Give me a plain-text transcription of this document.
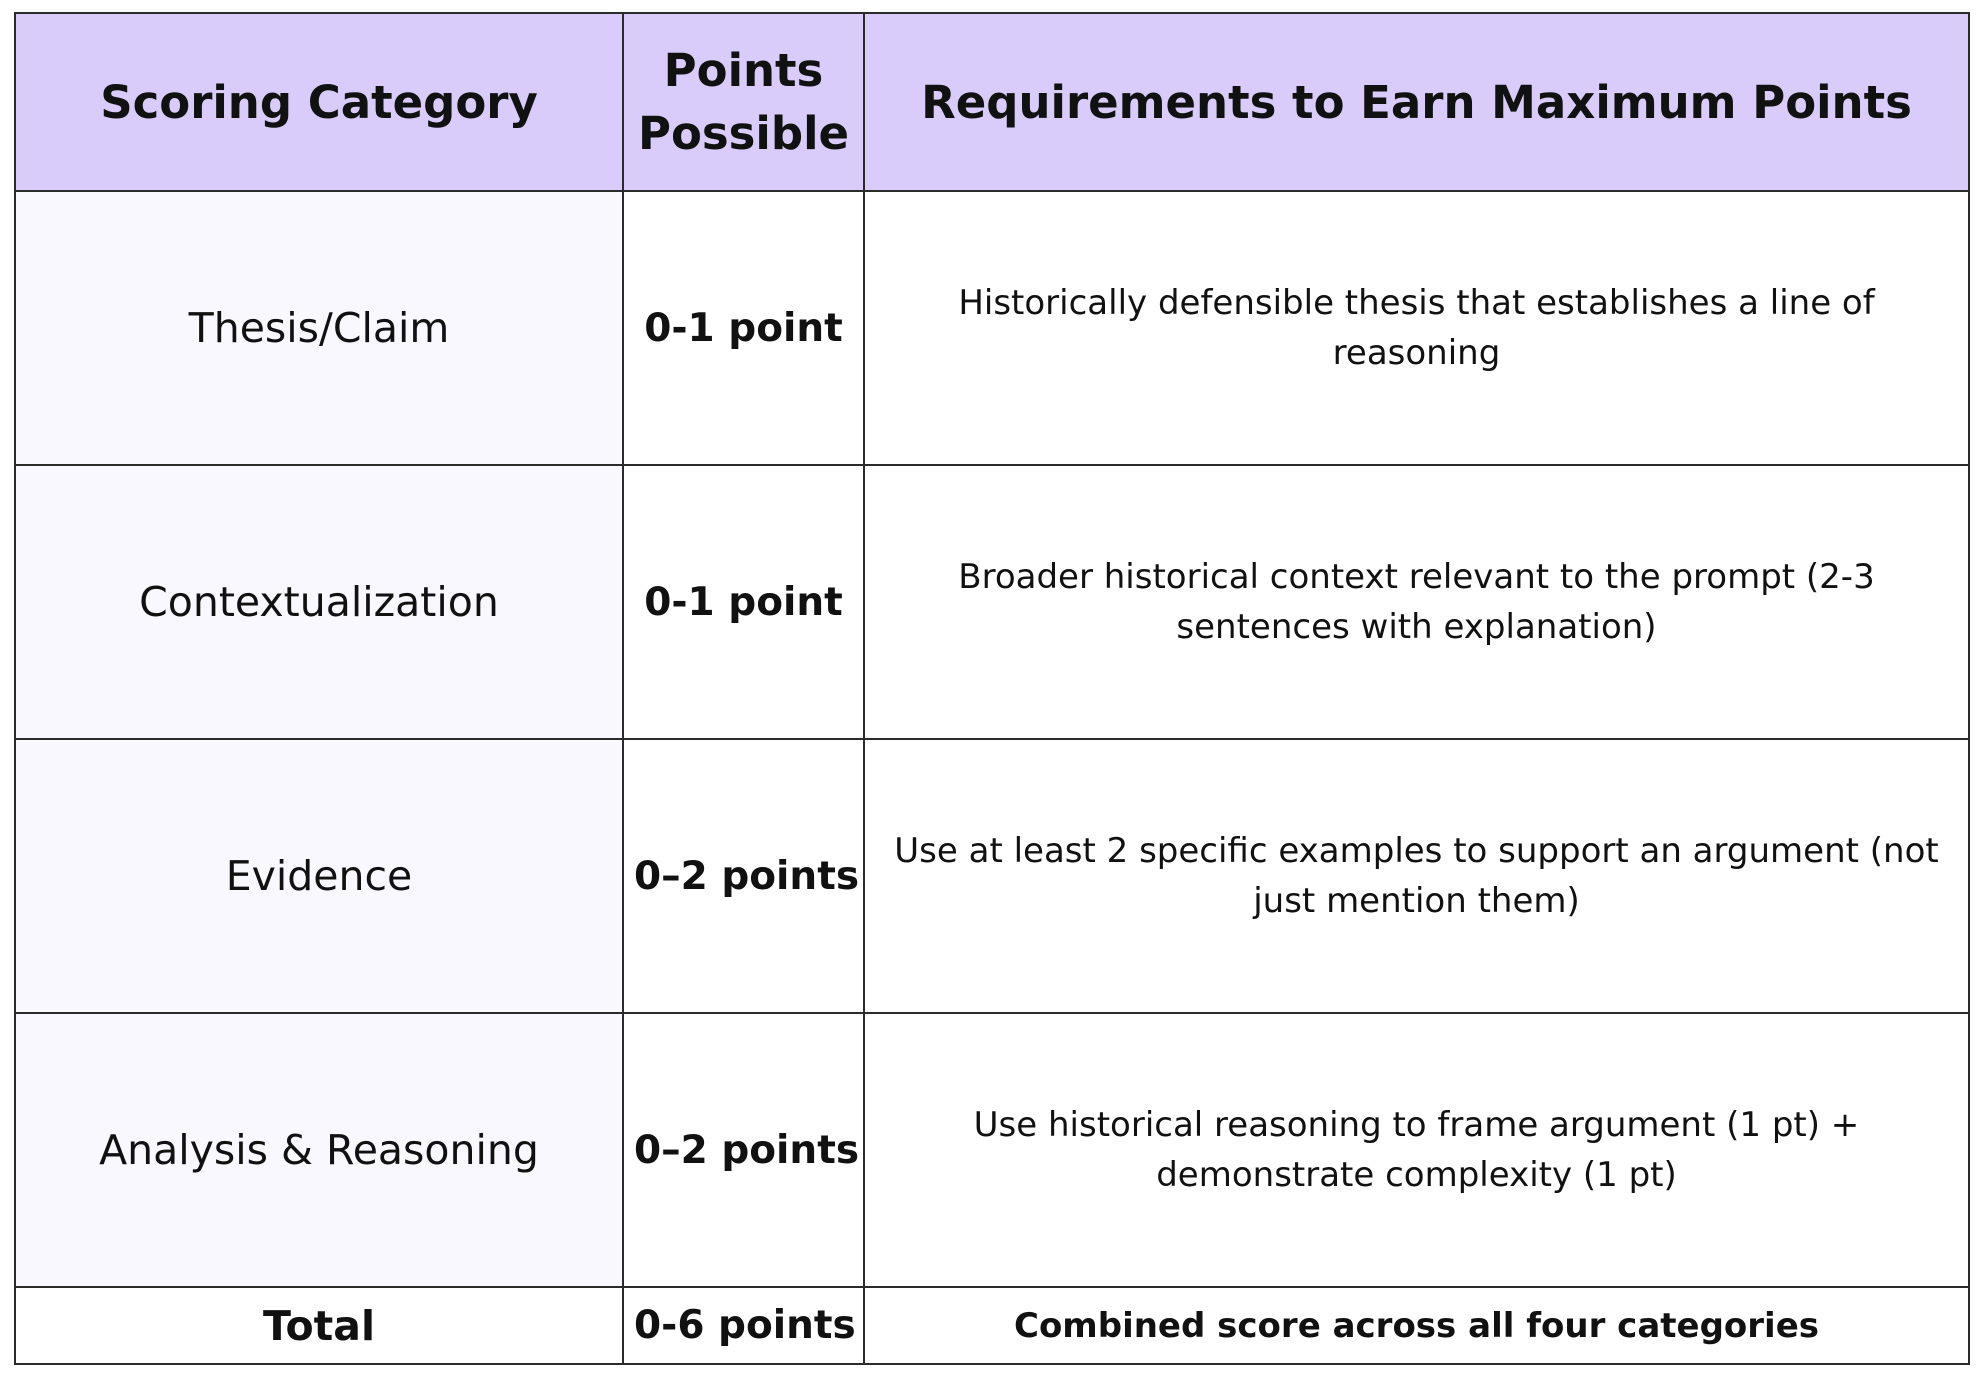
Scoring Category	Points Possible	Requirements to Earn Maximum Points
Thesis/Claim	0-1 point	Historically defensible thesis that establishes a line of reasoning
Contextualization	0-1 point	Broader historical context relevant to the prompt (2-3 sentences with explanation)
Evidence	0–2 points	Use at least 2 specific examples to support an argument (not just mention them)
Analysis & Reasoning	0–2 points	Use historical reasoning to frame argument (1 pt) + demonstrate complexity (1 pt)
Total	0-6 points	Combined score across all four categories
